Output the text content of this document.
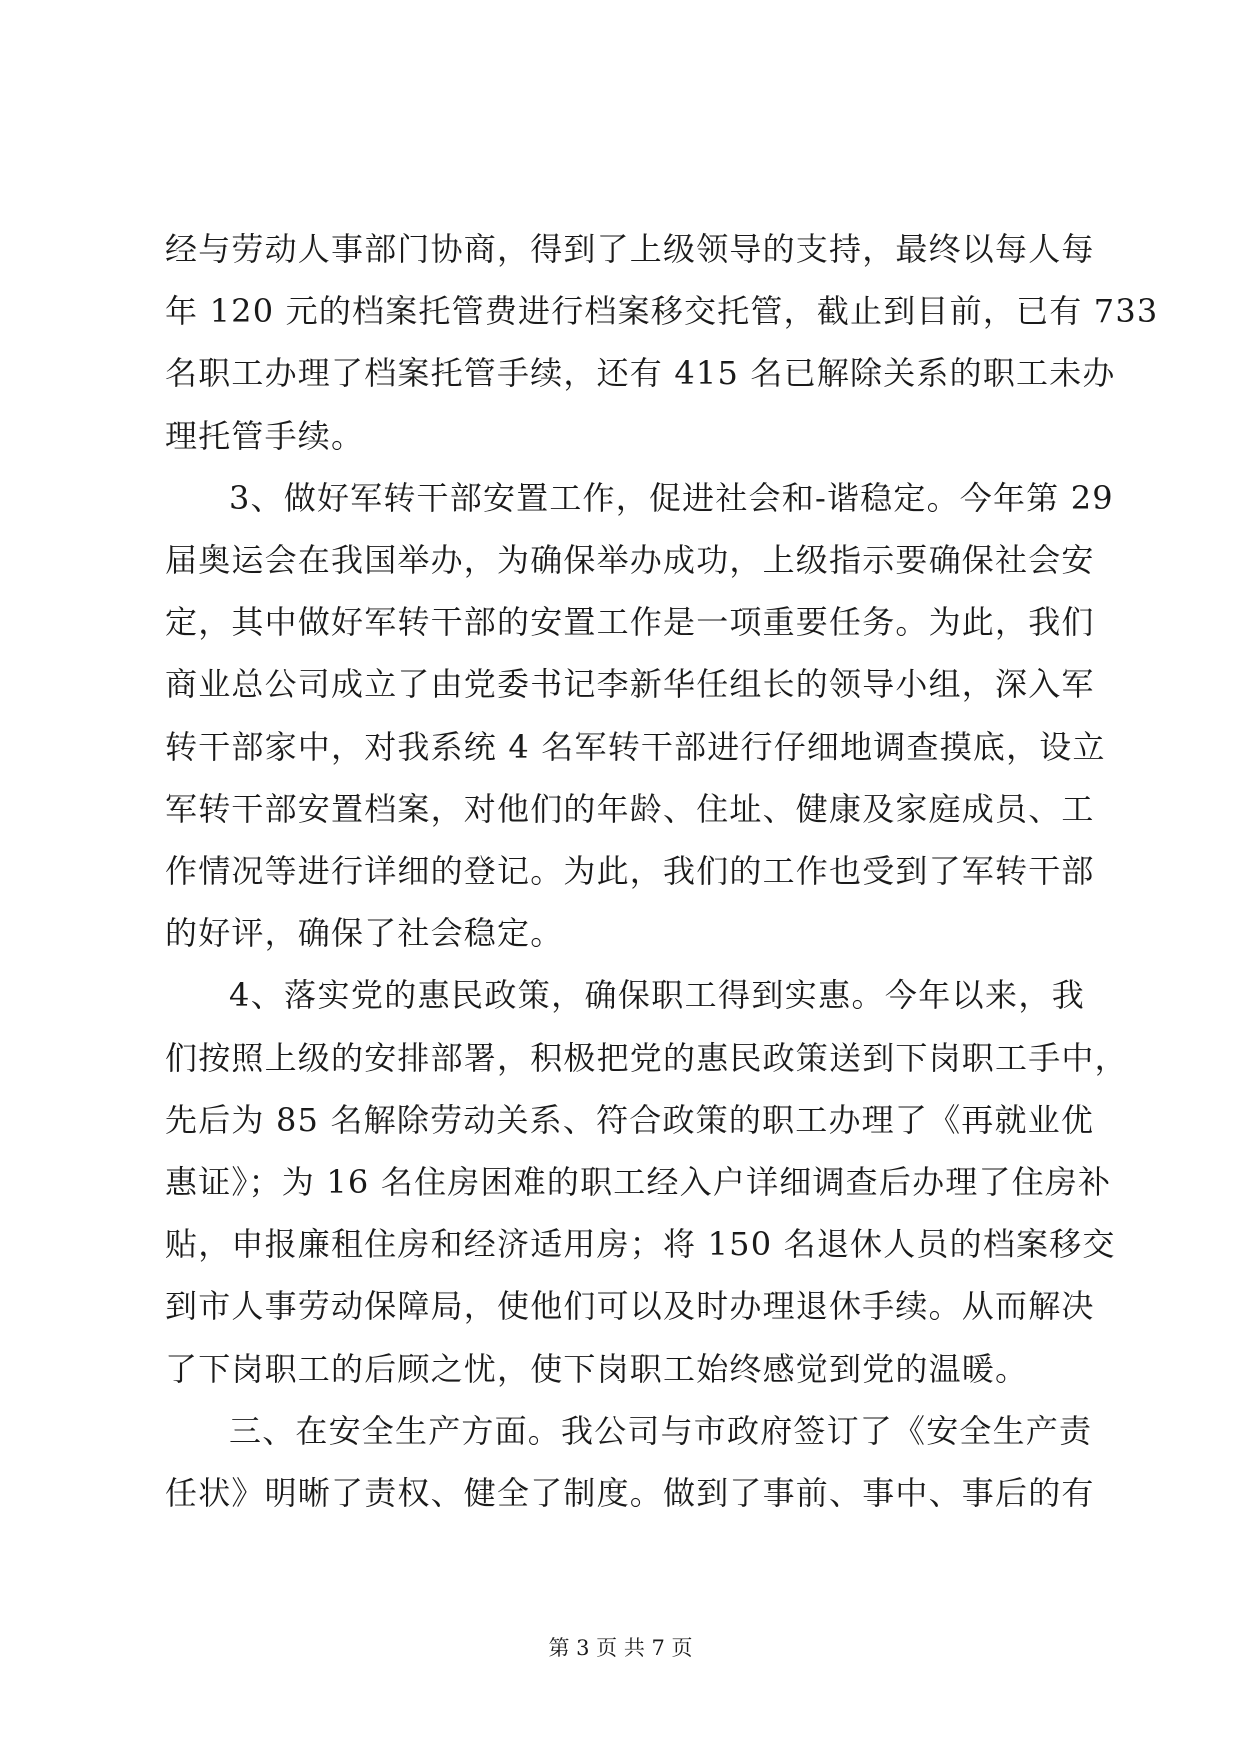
经与劳动人事部门协商，得到了上级领导的支持，最终以每人每
年 120 元的档案托管费进行档案移交托管，截止到目前，已有 733
名职工办理了档案托管手续，还有 415 名已解除关系的职工未办
理托管手续。
3、做好军转干部安置工作，促进社会和-谐稳定。今年第 29
届奥运会在我国举办，为确保举办成功，上级指示要确保社会安
定，其中做好军转干部的安置工作是一项重要任务。为此，我们
商业总公司成立了由党委书记李新华任组长的领导小组，深入军
转干部家中，对我系统 4 名军转干部进行仔细地调查摸底，设立
军转干部安置档案，对他们的年龄、住址、健康及家庭成员、工
作情况等进行详细的登记。为此，我们的工作也受到了军转干部
的好评，确保了社会稳定。
4、落实党的惠民政策，确保职工得到实惠。今年以来，我
们按照上级的安排部署，积极把党的惠民政策送到下岗职工手中，
先后为 85 名解除劳动关系、符合政策的职工办理了《再就业优
惠证》；为 16 名住房困难的职工经入户详细调查后办理了住房补
贴，申报廉租住房和经济适用房；将 150 名退休人员的档案移交
到市人事劳动保障局，使他们可以及时办理退休手续。从而解决
了下岗职工的后顾之忧，使下岗职工始终感觉到党的温暖。
三、在安全生产方面。我公司与市政府签订了《安全生产责
任状》明晰了责权、健全了制度。做到了事前、事中、事后的有
第 3 页 共 7 页
